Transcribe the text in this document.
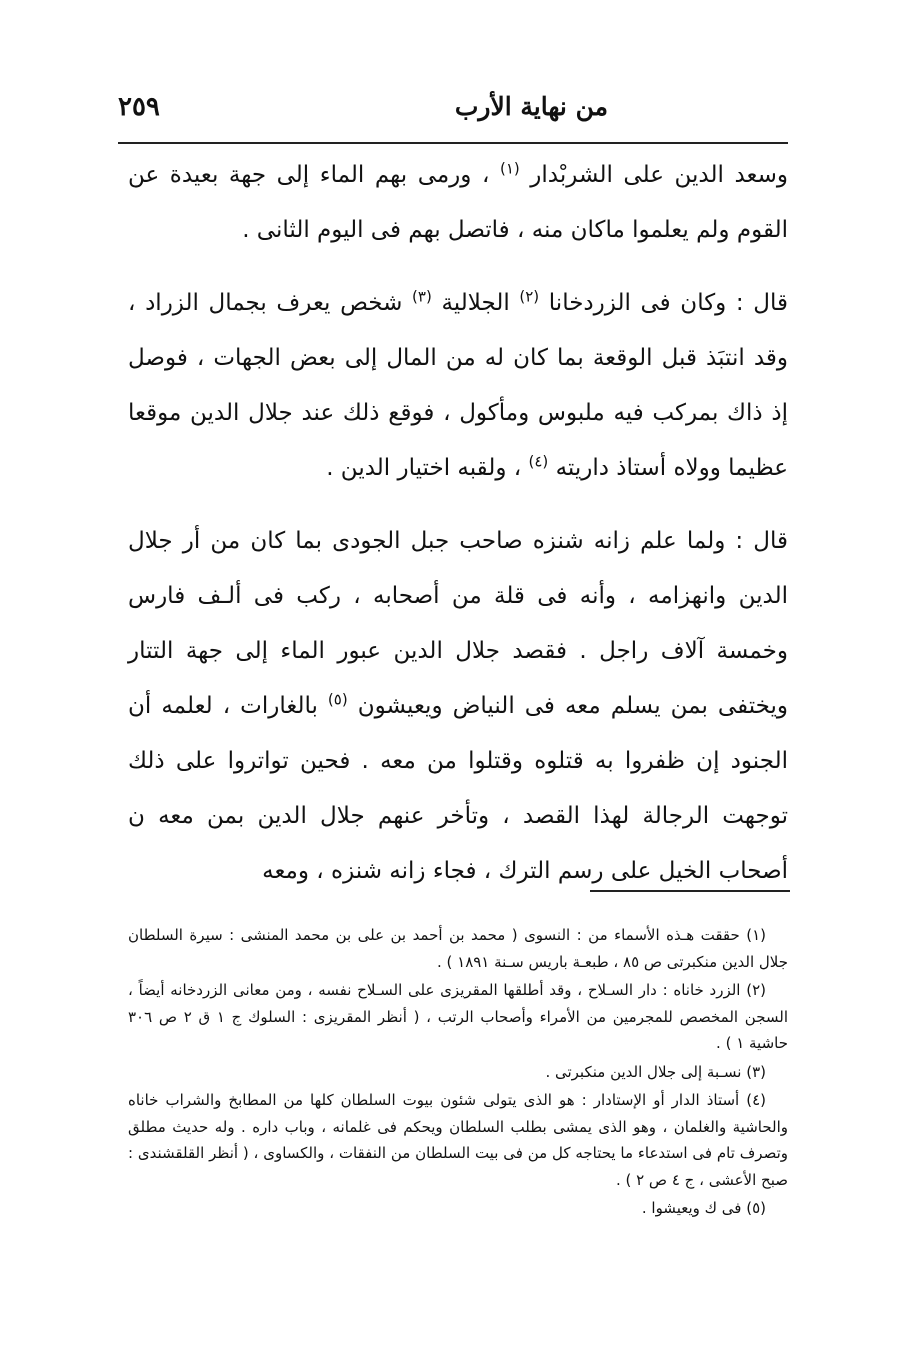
من نهاية الأرب
٢٥٩

وسعد الدين على الشربْدار $^{(١)}$ ، ورمى بهم الماء إلى جهة بعيدة عن القوم ولم يعلموا ماكان منه ، فاتصل بهم فى اليوم الثانى .

قال : وكان فى الزردخانا $^{(٢)}$ الجلالية $^{(٣)}$ شخص يعرف بجمال الزراد ، وقد انتبَذ قبل الوقعة بما كان له من المال إلى بعض الجهات ، فوصل إذ ذاك بمركب فيه ملبوس ومأكول ، فوقع ذلك عند جلال الدين موقعا عظيما وولاه أستاذ داريته $^{(٤)}$ ، ولقبه اختيار الدين .

قال : ولما علم زانه شنزه صاحب جبل الجودى بما كان من أر جلال الدين وانهزامه ، وأنه فى قلة من أصحابه ، ركب فى ألـف فارس وخمسة آلاف راجل . فقصد جلال الدين عبور الماء إلى جهة التتار ويختفى بمن يسلم معه فى النياض ويعيشون $^{(٥)}$ بالغارات ، لعلمه أن الجنود إن ظفروا به قتلوه وقتلوا من معه . فحين تواتروا على ذلك توجهت الرجالة لهذا القصد ، وتأخر عنهم جلال الدين بمن معه ن أصحاب الخيل على رسم الترك ، فجاء زانه شنزه ، ومعه

(١) حققت هـذه الأسماء من : النسوى ( محمد بن أحمد بن على بن محمد المنشى : سيرة السلطان جلال الدين منكبرتى ص ٨٥ ، طبعـة باريس سـنة ١٨٩١ ) .

(٢) الزرد خاناه : دار السـلاح ، وقد أطلقها المقريزى على السـلاح نفسه ، ومن معانى الزردخانه أيضاً ، السجن المخصص للمجرمين من الأمراء وأصحاب الرتب ، ( أنظر المقريزى : السلوك ج ١ ق ٢ ص ٣٠٦ حاشية ١ ) .

(٣) نسـبة إلى جلال الدين منكبرتى .

(٤) أستاذ الدار أو الإستادار : هو الذى يتولى شئون بيوت السلطان كلها من المطابخ والشراب خاناه والحاشية والغلمان ، وهو الذى يمشى بطلب السلطان ويحكم فى غلمانه ، وباب داره . وله حديث مطلق وتصرف تام فى استدعاء ما يحتاجه كل من فى بيت السلطان من النفقات ، والكساوى ، ( أنظر القلقشندى : صبح الأعشى ، ج ٤ ص ٢ ) .

(٥) فى ك ويعيشوا .
